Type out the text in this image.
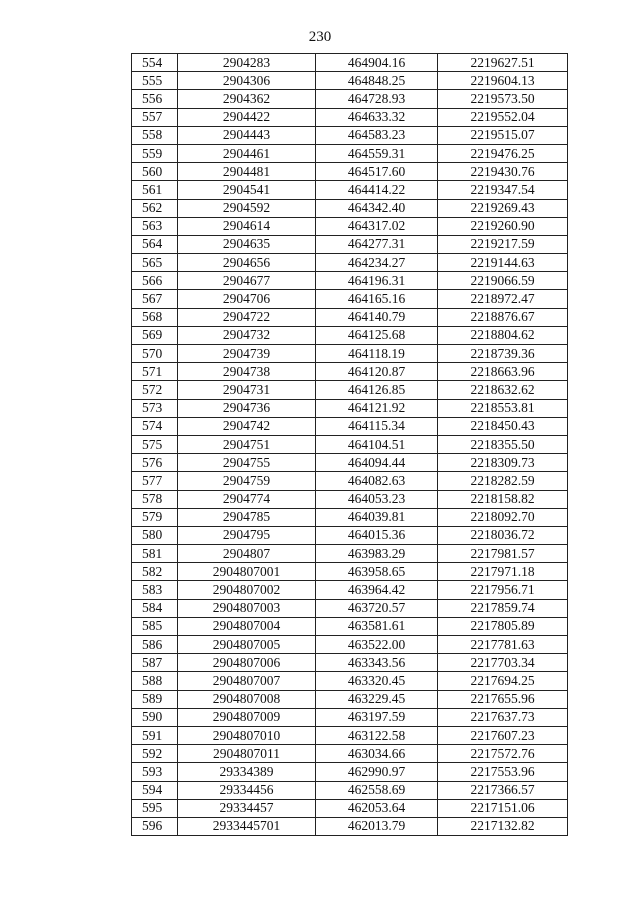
230
554	2904283	464904.16	2219627.51
555	2904306	464848.25	2219604.13
556	2904362	464728.93	2219573.50
557	2904422	464633.32	2219552.04
558	2904443	464583.23	2219515.07
559	2904461	464559.31	2219476.25
560	2904481	464517.60	2219430.76
561	2904541	464414.22	2219347.54
562	2904592	464342.40	2219269.43
563	2904614	464317.02	2219260.90
564	2904635	464277.31	2219217.59
565	2904656	464234.27	2219144.63
566	2904677	464196.31	2219066.59
567	2904706	464165.16	2218972.47
568	2904722	464140.79	2218876.67
569	2904732	464125.68	2218804.62
570	2904739	464118.19	2218739.36
571	2904738	464120.87	2218663.96
572	2904731	464126.85	2218632.62
573	2904736	464121.92	2218553.81
574	2904742	464115.34	2218450.43
575	2904751	464104.51	2218355.50
576	2904755	464094.44	2218309.73
577	2904759	464082.63	2218282.59
578	2904774	464053.23	2218158.82
579	2904785	464039.81	2218092.70
580	2904795	464015.36	2218036.72
581	2904807	463983.29	2217981.57
582	2904807001	463958.65	2217971.18
583	2904807002	463964.42	2217956.71
584	2904807003	463720.57	2217859.74
585	2904807004	463581.61	2217805.89
586	2904807005	463522.00	2217781.63
587	2904807006	463343.56	2217703.34
588	2904807007	463320.45	2217694.25
589	2904807008	463229.45	2217655.96
590	2904807009	463197.59	2217637.73
591	2904807010	463122.58	2217607.23
592	2904807011	463034.66	2217572.76
593	29334389	462990.97	2217553.96
594	29334456	462558.69	2217366.57
595	29334457	462053.64	2217151.06
596	2933445701	462013.79	2217132.82
